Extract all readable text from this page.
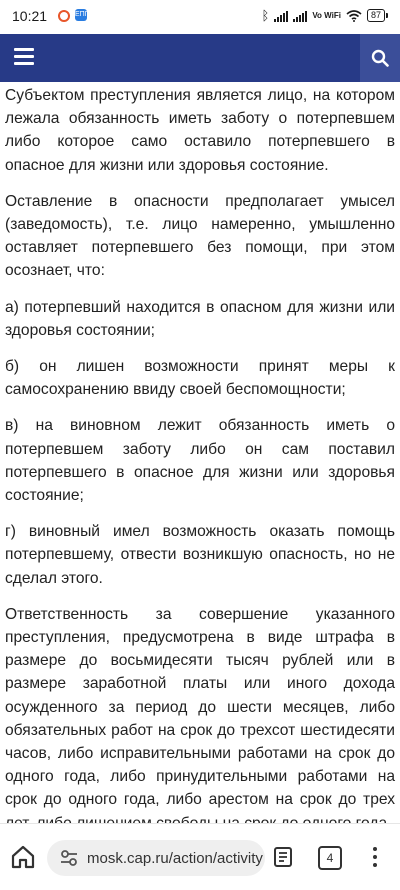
10:21	ЕПГУ	ᛒ	Vo WiFi	87

Субъектом преступления является лицо, на котором лежала обязанность иметь заботу о потерпевшем либо которое само оставило потерпевшего в опасное для жизни или здоровья состояние.

Оставление в опасности предполагает умысел (заведомость), т.е. лицо намеренно, умышленно оставляет потерпевшего без помощи, при этом осознает, что:

а) потерпевший находится в опасном для жизни или здоровья состоянии;

б) он лишен возможности принят меры к самосохранению ввиду своей беспомощности;

в) на виновном лежит обязанность иметь о потерпевшем заботу либо он сам поставил потерпевшего в опасное для жизни или здоровья состояние;

г) виновный имел возможность оказать помощь потерпевшему, отвести возникшую опасность, но не сделал этого.

Ответственность за совершение указанного преступления, предусмотрена в виде штрафа в размере до восьмидесяти тысяч рублей или в размере заработной платы или иного дохода осужденного за период до шести месяцев, либо обязательных работ на срок до трехсот шестидесяти часов, либо исправительными работами на срок до одного года, либо принудительными работами на срок до одного года, либо арестом на срок до трех

mosk.cap.ru/action/activity	4
